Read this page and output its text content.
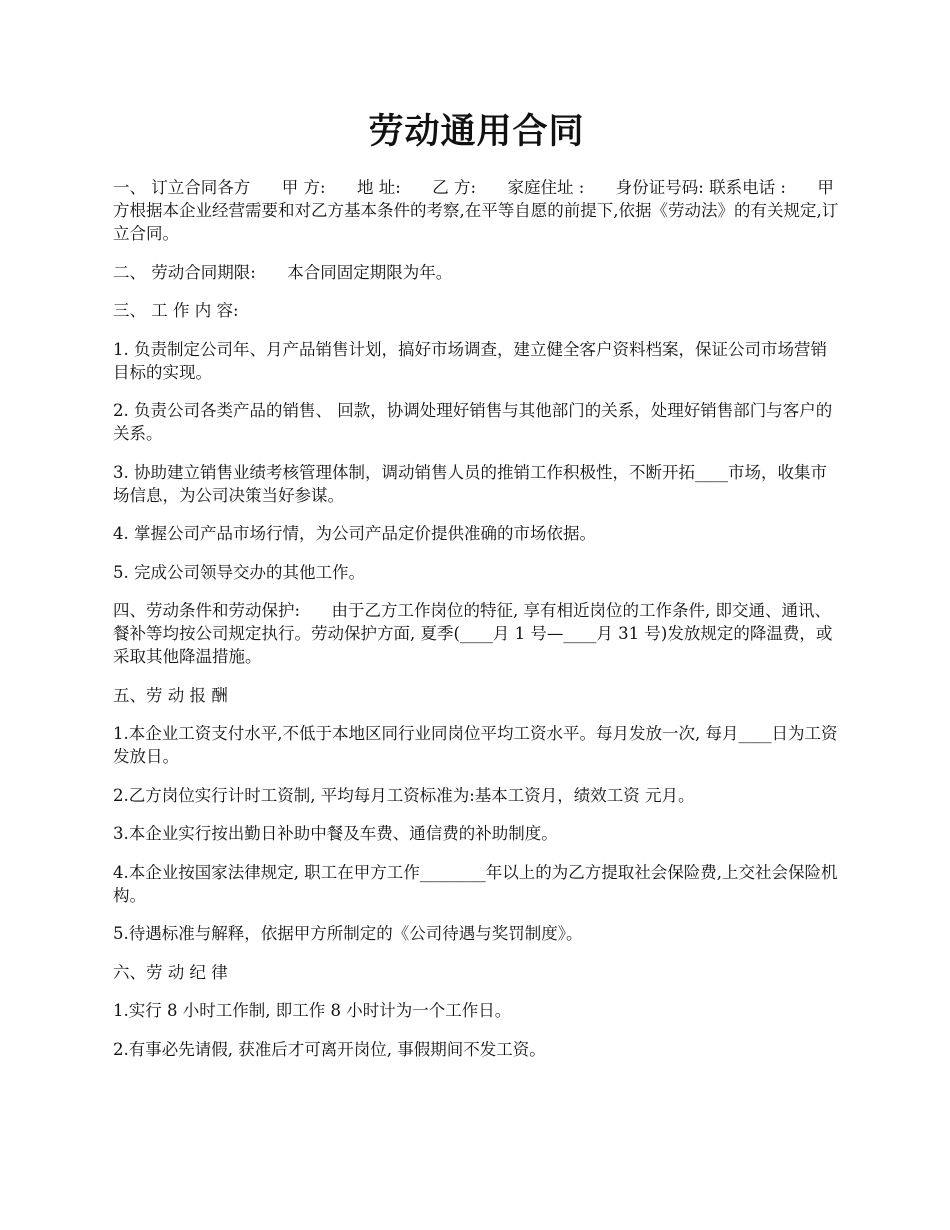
劳动通用合同

一、 订立合同各方      甲 方:      地 址:      乙 方:      家庭住址 :      身份证号码: 联系电话 :      甲方根据本企业经营需要和对乙方基本条件的考察,在平等自愿的前提下,依据《劳动法》的有关规定,订立合同。

二、 劳动合同期限:      本合同固定期限为年。

三、 工 作 内 容:

1. 负责制定公司年、月产品销售计划，搞好市场调查，建立健全客户资料档案，保证公司市场营销目标的实现。

2. 负责公司各类产品的销售、 回款，协调处理好销售与其他部门的关系，处理好销售部门与客户的关系。

3. 协助建立销售业绩考核管理体制，调动销售人员的推销工作积极性，不断开拓____市场，收集市场信息，为公司决策当好参谋。

4. 掌握公司产品市场行情，为公司产品定价提供准确的市场依据。

5. 完成公司领导交办的其他工作。

四、劳动条件和劳动保护:      由于乙方工作岗位的特征, 享有相近岗位的工作条件, 即交通、通讯、餐补等均按公司规定执行。劳动保护方面, 夏季(____月 1 号—____月 31 号)发放规定的降温费，或采取其他降温措施。

五、劳 动 报 酬

1.本企业工资支付水平,不低于本地区同行业同岗位平均工资水平。每月发放一次, 每月____日为工资发放日。

2.乙方岗位实行计时工资制, 平均每月工资标准为:基本工资月，绩效工资 元月。

3.本企业实行按出勤日补助中餐及车费、通信费的补助制度。

4.本企业按国家法律规定, 职工在甲方工作________年以上的为乙方提取社会保险费,上交社会保险机构。

5.待遇标准与解释，依据甲方所制定的《公司待遇与奖罚制度》。

六、劳 动 纪 律

1.实行 8 小时工作制, 即工作 8 小时计为一个工作日。

2.有事必先请假, 获准后才可离开岗位, 事假期间不发工资。
